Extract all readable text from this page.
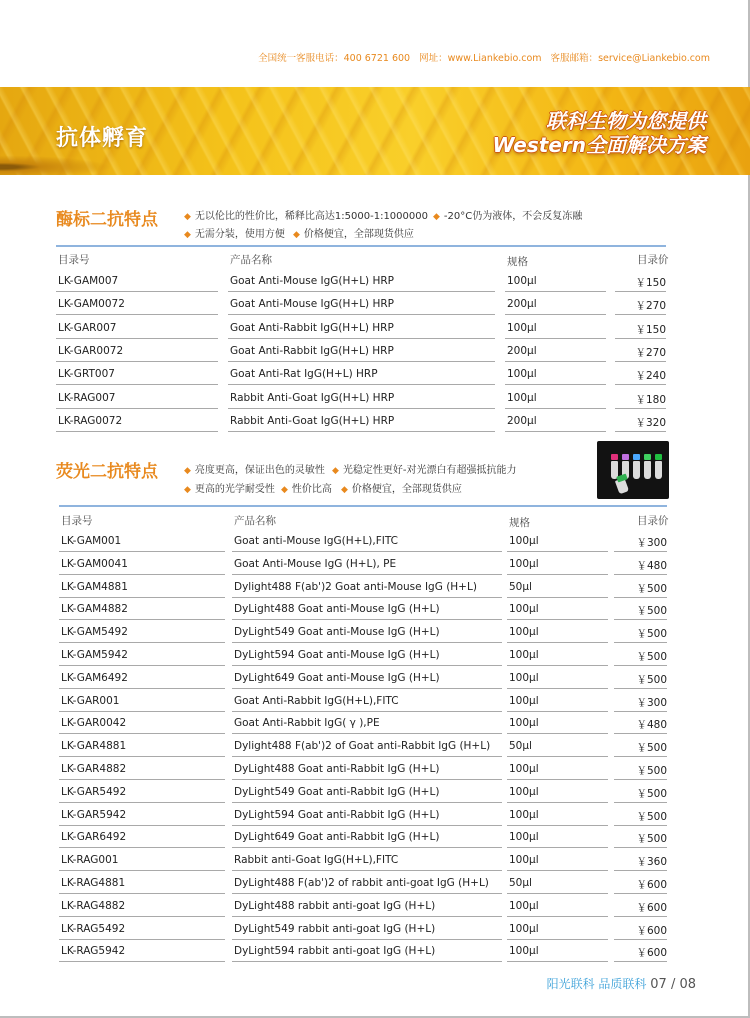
全国统一客服电话：400 6721 600 网址：www.Liankebio.com 客服邮箱：service@Liankebio.com
抗体孵育
联科生物为您提供
Western全面解决方案
酶标二抗特点	◆ 无以伦比的性价比，稀释比高达1:5000-1:1000000 ◆ -20°C仍为液体，不会反复冻融
◆ 无需分装，使用方便 ◆ 价格便宜，全部现货供应
目录号	产品名称	规格	目录价
LK-GAM007	Goat Anti-Mouse IgG(H+L) HRP	100μl	￥150
LK-GAM0072	Goat Anti-Mouse IgG(H+L) HRP	200μl	￥270
LK-GAR007	Goat Anti-Rabbit IgG(H+L) HRP	100μl	￥150
LK-GAR0072	Goat Anti-Rabbit IgG(H+L) HRP	200μl	￥270
LK-GRT007	Goat Anti-Rat IgG(H+L) HRP	100μl	￥240
LK-RAG007	Rabbit Anti-Goat IgG(H+L) HRP	100μl	￥180
LK-RAG0072	Rabbit Anti-Goat IgG(H+L) HRP	200μl	￥320
荧光二抗特点	◆ 亮度更高，保证出色的灵敏性 ◆ 光稳定性更好-对光漂白有超强抵抗能力
◆ 更高的光学耐受性 ◆ 性价比高 ◆ 价格便宜，全部现货供应
目录号	产品名称	规格	目录价
LK-GAM001	Goat anti-Mouse IgG(H+L),FITC	100μl	￥300
LK-GAM0041	Goat Anti-Mouse IgG (H+L), PE	100μl	￥480
LK-GAM4881	Dylight488 F(ab')2 Goat anti-Mouse IgG (H+L)	50μl	￥500
LK-GAM4882	DyLight488 Goat anti-Mouse IgG (H+L)	100μl	￥500
LK-GAM5492	DyLight549 Goat anti-Mouse IgG (H+L)	100μl	￥500
LK-GAM5942	DyLight594 Goat anti-Mouse IgG (H+L)	100μl	￥500
LK-GAM6492	DyLight649 Goat anti-Mouse IgG (H+L)	100μl	￥500
LK-GAR001	Goat Anti-Rabbit IgG(H+L),FITC	100μl	￥300
LK-GAR0042	Goat Anti-Rabbit IgG( γ ),PE	100μl	￥480
LK-GAR4881	Dylight488 F(ab')2 of Goat anti-Rabbit IgG (H+L) 50μl	￥500
LK-GAR4882	DyLight488 Goat anti-Rabbit IgG (H+L)	100μl	￥500
LK-GAR5492	DyLight549 Goat anti-Rabbit IgG (H+L)	100μl	￥500
LK-GAR5942	DyLight594 Goat anti-Rabbit IgG (H+L)	100μl	￥500
LK-GAR6492	DyLight649 Goat anti-Rabbit IgG (H+L)	100μl	￥500
LK-RAG001	Rabbit anti-Goat IgG(H+L),FITC	100μl	￥360
LK-RAG4881	DyLight488 F(ab')2 of rabbit anti-goat IgG (H+L) 50μl	￥600
LK-RAG4882	DyLight488 rabbit anti-goat IgG (H+L)	100μl	￥600
LK-RAG5492	DyLight549 rabbit anti-goat IgG (H+L)	100μl	￥600
LK-RAG5942	DyLight594 rabbit anti-goat IgG (H+L)	100μl	￥600
阳光联科 品质联科 07 / 08
